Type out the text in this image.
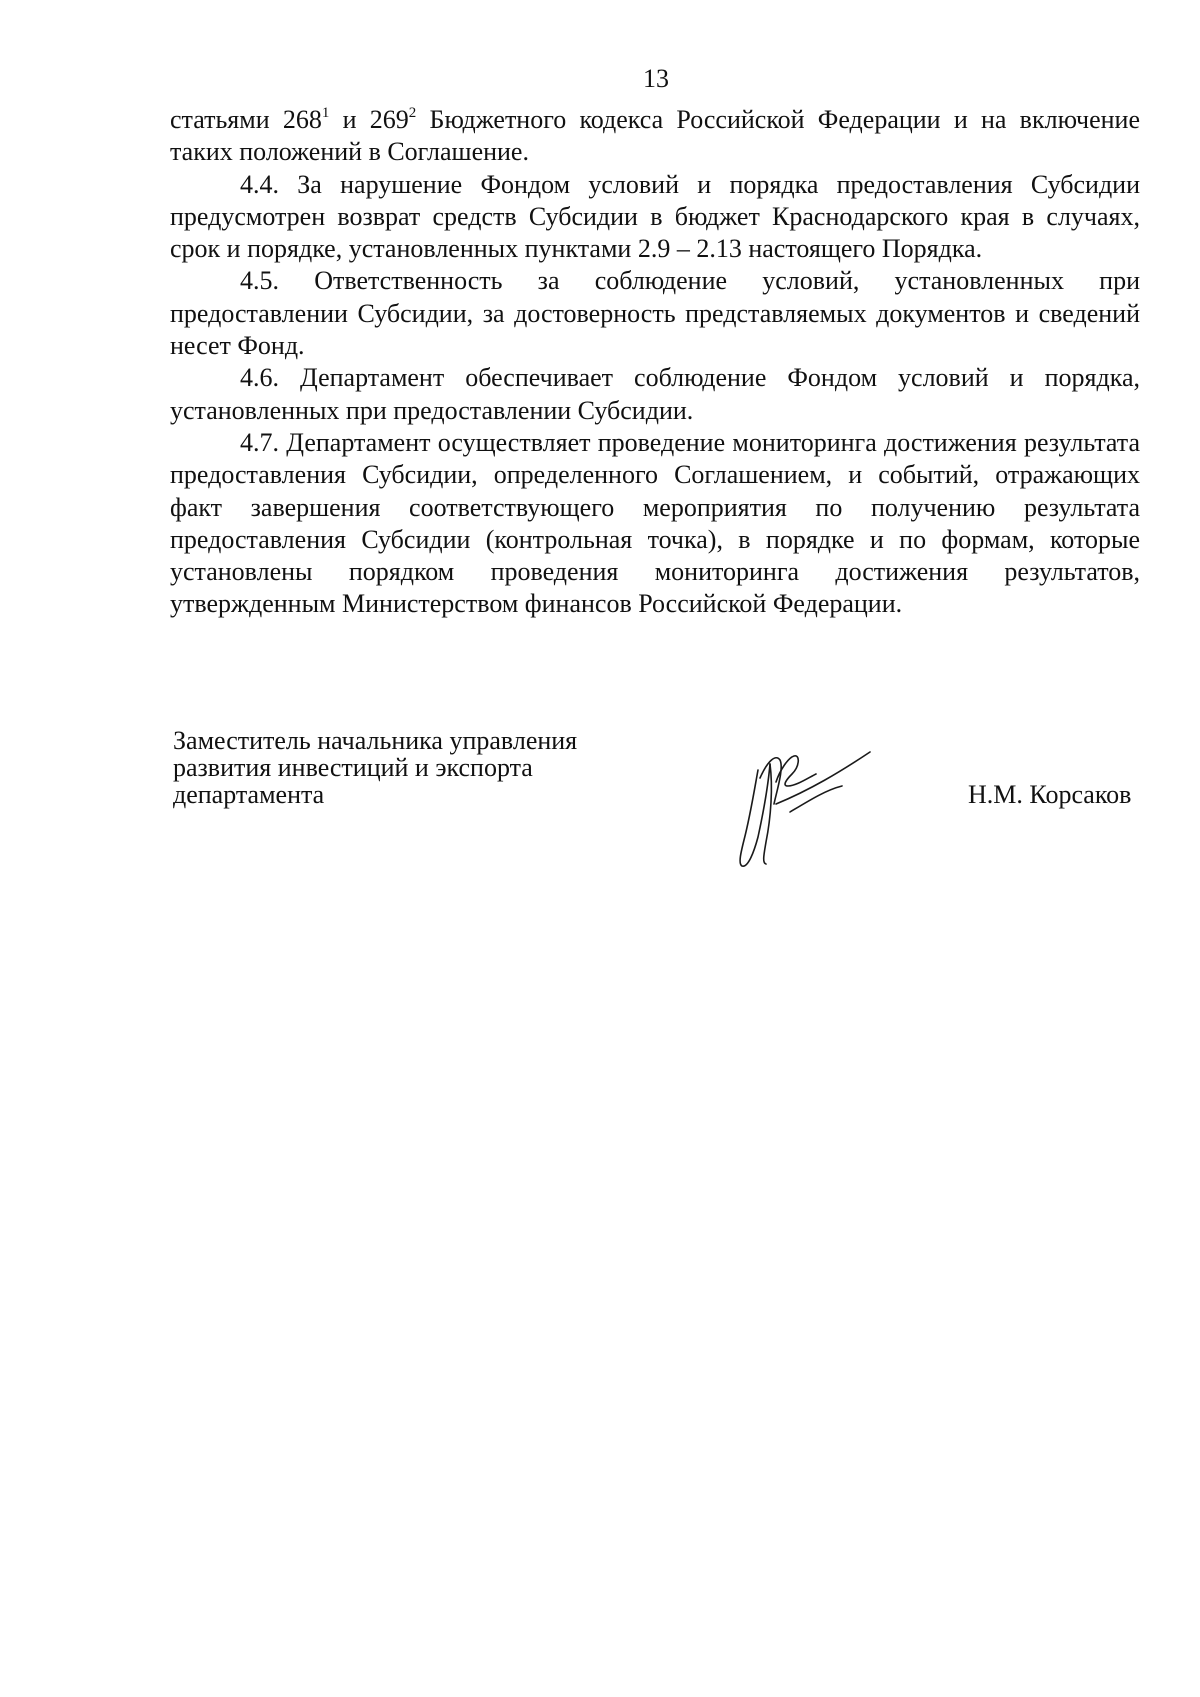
13

статьями $268^1$ и $269^2$ Бюджетного кодекса Российской Федерации и на включение таких положений в Соглашение.

4.4. За нарушение Фондом условий и порядка предоставления Субсидии предусмотрен возврат средств Субсидии в бюджет Краснодарского края в случаях, срок и порядке, установленных пунктами 2.9 – 2.13 настоящего Порядка.

4.5. Ответственность за соблюдение условий, установленных при предоставлении Субсидии, за достоверность представляемых документов и сведений несет Фонд.

4.6. Департамент обеспечивает соблюдение Фондом условий и порядка, установленных при предоставлении Субсидии.

4.7. Департамент осуществляет проведение мониторинга достижения результата предоставления Субсидии, определенного Соглашением, и событий, отражающих факт завершения соответствующего мероприятия по получению результата предоставления Субсидии (контрольная точка), в порядке и по формам, которые установлены порядком проведения мониторинга достижения результатов, утвержденным Министерством финансов Российской Федерации.

Заместитель начальника управления
развития инвестиций и экспорта
департамента	Н.М. Корсаков
